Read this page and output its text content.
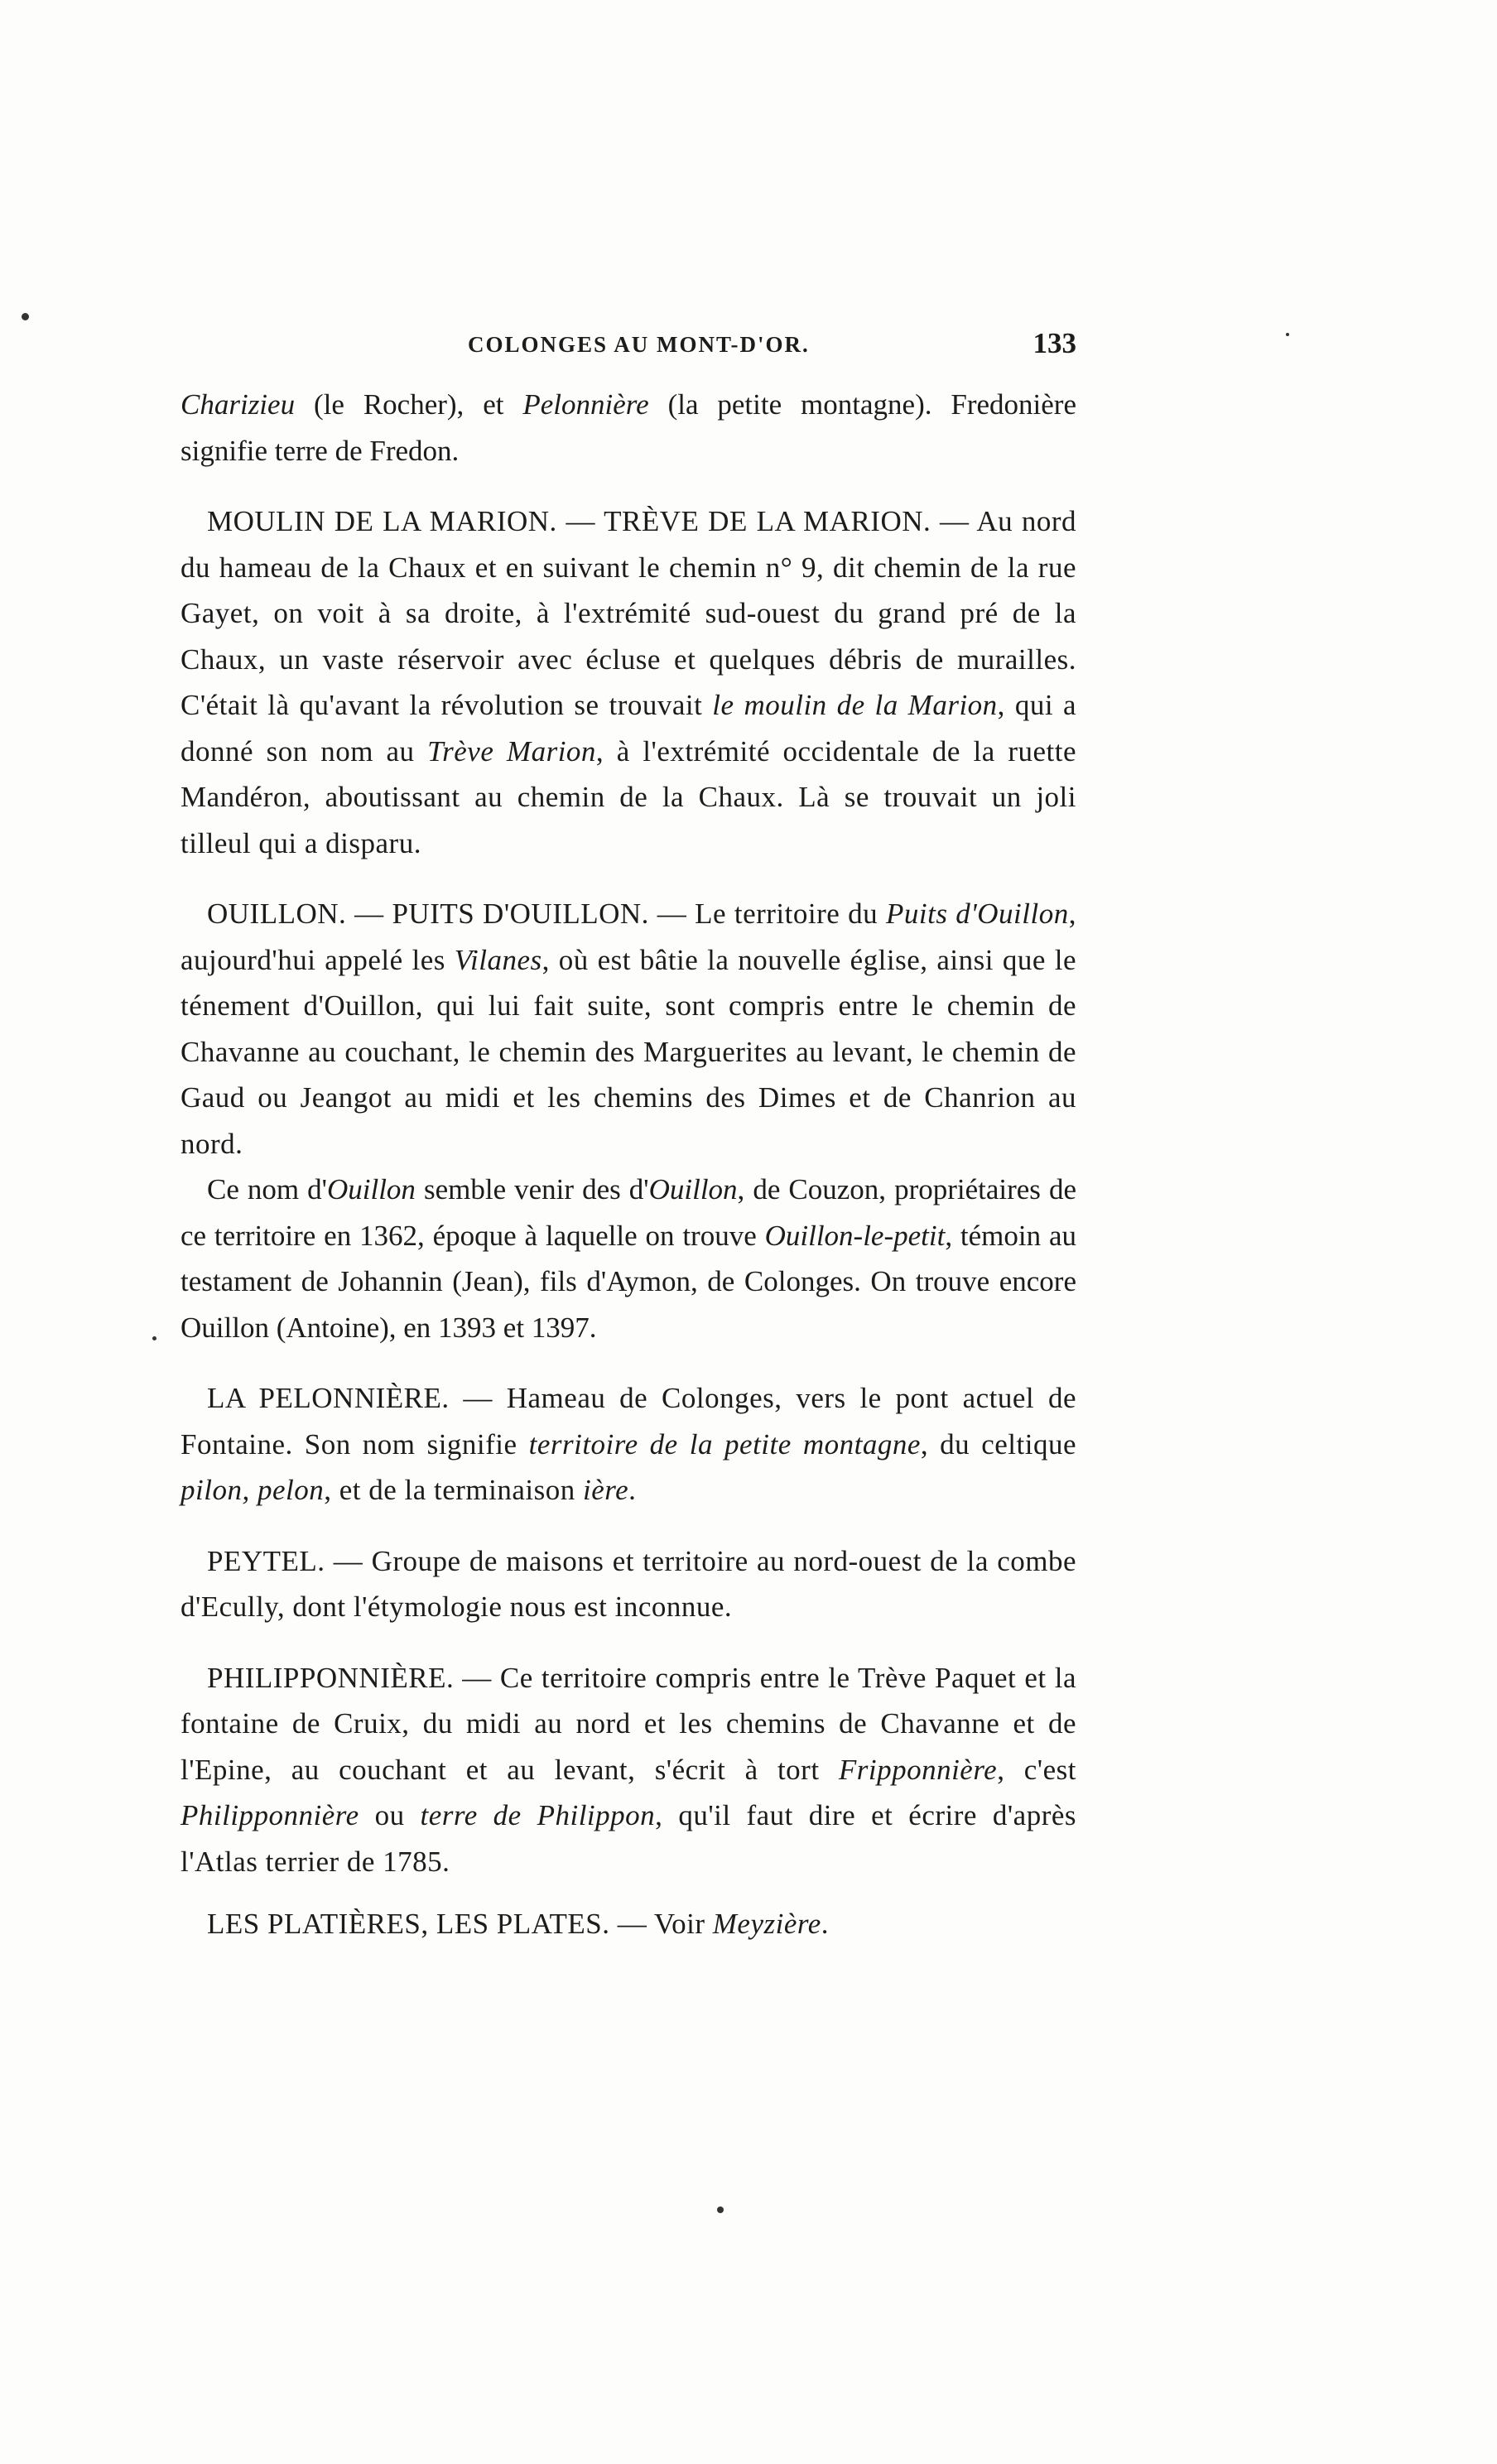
COLONGES AU MONT-D'OR.	133

Charizieu (le Rocher), et Pelonnière (la petite montagne). Fredonière signifie terre de Fredon.

MOULIN DE LA MARION. — TRÈVE DE LA MARION. — Au nord du hameau de la Chaux et en suivant le chemin n° 9, dit chemin de la rue Gayet, on voit à sa droite, à l'extrémité sud-ouest du grand pré de la Chaux, un vaste réservoir avec écluse et quelques débris de murailles. C'était là qu'avant la révolution se trouvait le moulin de la Marion, qui a donné son nom au Trève Marion, à l'extrémité occidentale de la ruette Mandéron, aboutissant au chemin de la Chaux. Là se trouvait un joli tilleul qui a disparu.

OUILLON. — PUITS D'OUILLON. — Le territoire du Puits d'Ouillon, aujourd'hui appelé les Vilanes, où est bâtie la nouvelle église, ainsi que le ténement d'Ouillon, qui lui fait suite, sont compris entre le chemin de Chavanne au couchant, le chemin des Marguerites au levant, le chemin de Gaud ou Jeangot au midi et les chemins des Dimes et de Chanrion au nord.

Ce nom d'Ouillon semble venir des d'Ouillon, de Couzon, propriétaires de ce territoire en 1362, époque à laquelle on trouve Ouillon-le-petit, témoin au testament de Johannin (Jean), fils d'Aymon, de Colonges. On trouve encore Ouillon (Antoine), en 1393 et 1397.

LA PELONNIÈRE. — Hameau de Colonges, vers le pont actuel de Fontaine. Son nom signifie territoire de la petite montagne, du celtique pilon, pelon, et de la terminaison ière.

PEYTEL. — Groupe de maisons et territoire au nord-ouest de la combe d'Ecully, dont l'étymologie nous est inconnue.

PHILIPPONNIÈRE. — Ce territoire compris entre le Trève Paquet et la fontaine de Cruix, du midi au nord et les chemins de Chavanne et de l'Epine, au couchant et au levant, s'écrit à tort Fripponnière, c'est Philipponnière ou terre de Philippon, qu'il faut dire et écrire d'après l'Atlas terrier de 1785.

LES PLATIÈRES, LES PLATES. — Voir Meyzière.
